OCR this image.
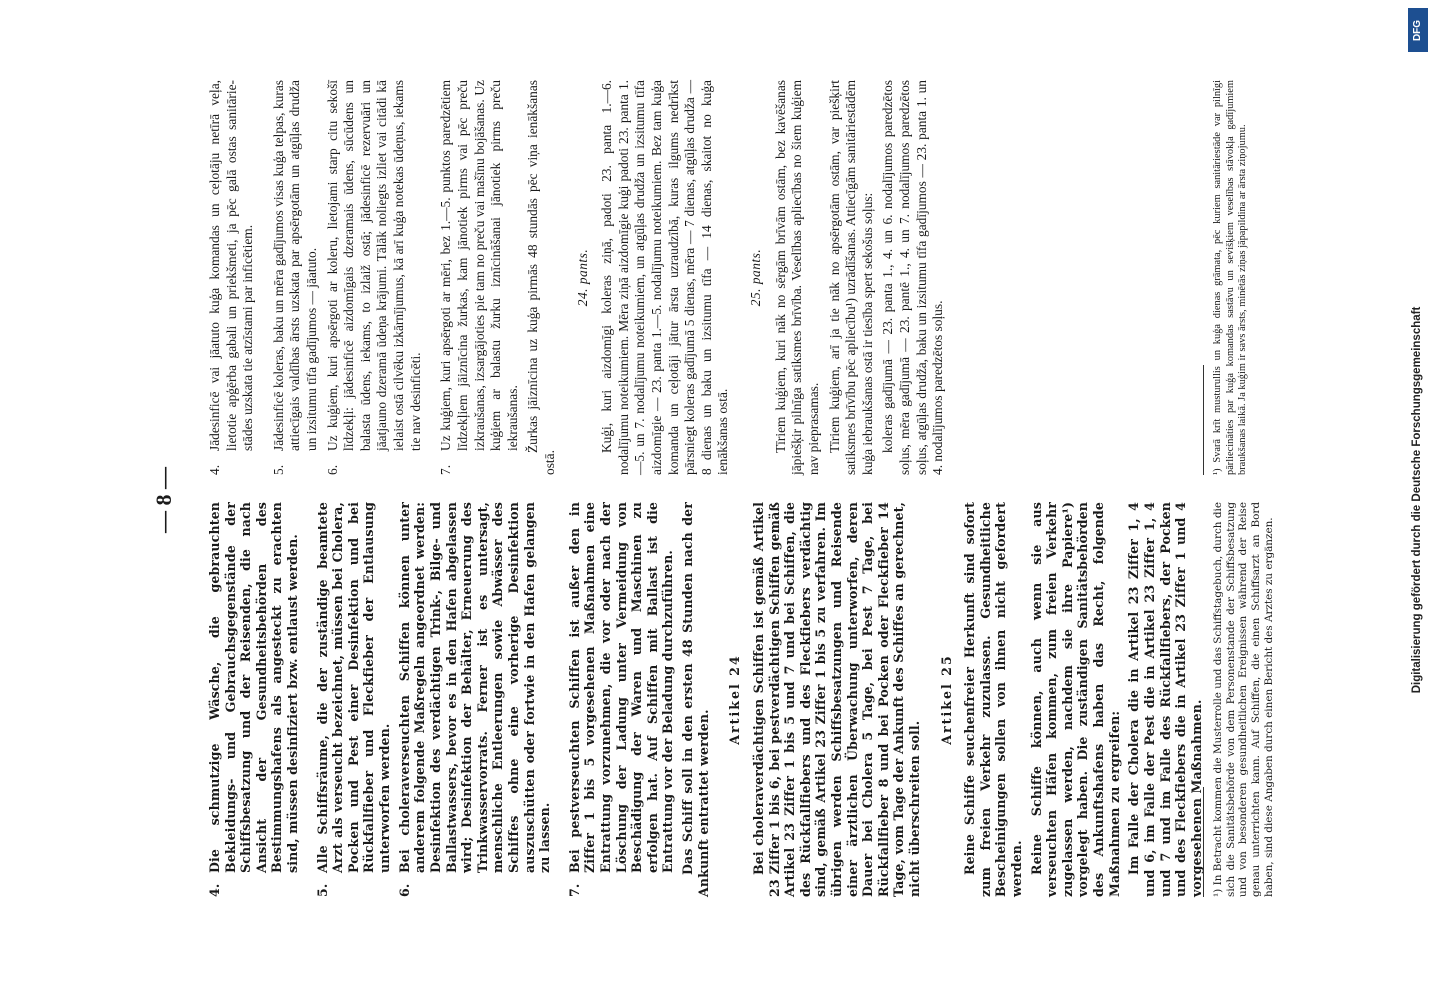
— 8 —
4.
Die schmutzige Wäsche, die gebrauchten Bekleidungs- und Gebrauchsgegenstände der Schiffsbesatzung und der Reisenden, die nach Ansicht der Gesundheitsbehörden des Bestimmungshafens als angesteckt zu erachten sind, müssen desinfiziert bzw. entlaust werden.
5.
Alle Schiffsräume, die der zuständige beamtete Arzt als verseucht bezeichnet, müssen bei Cholera, Pocken und Pest einer Desinfektion und bei Rückfallfieber und Fleckfieber der Entlausung unterworfen werden.
6.
Bei choleraverseuchten Schiffen können unter anderem folgende Maßregeln angeordnet werden: Desinfektion des verdächtigen Trink-, Bilge- und Ballastwassers, bevor es in den Hafen abgelassen wird; Desinfektion der Behälter, Erneuerung des Trinkwasservorrats. Ferner ist es untersagt, menschliche Entleerungen sowie Abwässer des Schiffes ohne eine vorherige Desinfektion auszuschütten oder fortwie in den Hafen gelangen zu lassen.
7.
Bei pestverseuchten Schiffen ist außer den in Ziffer 1 bis 5 vorgesehenen Maßnahmen eine Entrattung vorzunehmen, die vor oder nach der Löschung der Ladung unter Vermeidung von Beschädigung der Waren und Maschinen zu erfolgen hat. Auf Schiffen mit Ballast ist die Entrattung vor der Beladung durchzuführen. Das Schiff soll in den ersten 48 Stunden nach der Ankunft entrattet werden.

Artikel 24 Bei choleraverdächtigen Schiffen ist gemäß Artikel 23 Ziffer 1 bis 6, bei pestverdächtigen Schiffen gemäß Artikel 23 Ziffer 1 bis 5 und 7 und bei Schiffen, die des Rückfallfiebers und des Fleckfiebers verdächtig sind, gemäß Artikel 23 Ziffer 1 bis 5 zu verfahren. Im übrigen werden Schiffsbesatzungen und Reisende einer ärztlichen Überwachung unterworfen, deren Dauer bei Cholera 5 Tage, bei Pest 7 Tage, bei Rückfallfieber 8 und bei Pocken oder Fleckfieber 14 Tage, vom Tage der Ankunft des Schiffes an gerechnet, nicht überschreiten soll.

Artikel 25 Reine Schiffe seuchenfreier Herkunft sind sofort zum freien Verkehr zuzulassen. Gesundheitliche Bescheinigungen sollen von ihnen nicht gefordert werden. Reine Schiffe können, auch wenn sie aus verseuchten Häfen kommen, zum freien Verkehr zugelassen werden, nachdem sie ihre Papiere¹) vorgelegt haben. Die zuständigen Sanitätsbehörden des Ankunftshafens haben das Recht, folgende Maßnahmen zu ergreifen: Im Falle der Cholera die in Artikel 23 Ziffer 1, 4 und 6, im Falle der Pest die in Artikel 23 Ziffer 1, 4 und 7 und im Falle des Rückfallfiebers, der Pocken und des Fleckfiebers die in Artikel 23 Ziffer 1 und 4 vorgesehenen Maßnahmen.

4.
Jādesinficē vai jāatuto kuģa komandas un ceļotāju netīrā veļa, lietotie apģērba gabali un priekšmeti, ja pēc galā ostas sanitārie-stādes uzskata tie atzīstami par inficētiem.
5.
Jādesinficē koleras, baku un mēra gadījumos visas kuģa telpas, kuras attiecīgais valdības ārsts uzskata par apsērgotām un atgūļas drudža un izsitumu tīfa gadījumos — jāatuto.
6.
Uz kuģiem, kuri apsērgoti ar koleru, lietojami starp citu sekošī līdzekļi: jādesinficē aizdomīgais dzeramais ūdens, sūcūdens un balasta ūdens, iekams, to izlaiž ostā; jādesinficē rezervuāri un jāatjauno dzeramā ūdeņa krājumi. Tālāk noliegts izliet vai citādi kā ielaist ostā cilvēku izkārnījumus, kā arī kuģa notekas ūdeņus, iekams tie nav desinficēti.
7.
Uz kuģiem, kuri apsērgoti ar mēri, bez 1.—5. punktos paredzētiem līdzekļiem jāiznīcina žurkas, kam jānotiek pirms vai pēc preču izkraušanas, izsargājoties pie tam no preču vai mašīnu bojāšanas. Uz kuģiem ar balastu žurku iznīcināšanai jānotiek pirms preču iekraušanas. Žurkas jāiznīcina uz kuģa pirmās 48 stundās pēc viņa ienākšanas ostā.

24. pants. Kuģi, kuri aizdomīgi koleras ziņā, padoti 23. panta 1.—6. nodalījumu noteikumiem. Mēra ziņā aizdomīgie kuģi padoti 23. panta 1.—5. un 7. nodalījumu noteikumiem, un atgūļas drudža un izsitumu tīfa aizdomīgie — 23. panta 1.—5. nodalījumu noteikumiem. Bez tam kuģa komanda un ceļotāji jātur ārsta uzraudzībā, kuras ilgums nedrīkst pārsniegt koleras gadījumā 5 dienas, mēra — 7 dienas, atgūļas drudža — 8 dienas un baku un izsitumu tīfa — 14 dienas, skaitot no kuģa ienākšanas ostā.

25. pants. Tīriem kuģiem, kuri nāk no sērgām brīvām ostām, bez kavēšanas jāpiešķir pilnīga satiksmes brīvība. Veselības apliecības no šiem kuģiem nav pieprasamas. Tīriem kuģiem, arī ja tie nāk no apsērgotām ostām, var piešķirt satiksmes brīvību pēc apliecību¹) uzrādīšanas. Attiecīgām sanitāriestādēm kuģa iebraukšanas ostā ir tiesība spert sekošus soļus: koleras gadījumā — 23. panta 1., 4. un 6. nodalījumos paredzētos soļus, mēra gadījumā — 23. pantē 1., 4. un 7. nodalījumos paredzētos soļus, atgūļas drudža, baku un izsitumu tīfa gadījumos — 23. panta 1. un 4. nodalījumos paredzētos soļus.

¹) In Betracht kommen die Musterrolle und das Schiffstagebuch, durch die sich die Sanitätsbehörde von dem Personenstande der Schiffsbesatzung und von besonderen gesundheitlichen Ereignissen während der Reise genau unterrichten kann. Auf Schiffen, die einen Schiffsarzt an Bord haben, sind diese Angaben durch einen Bericht des Arztes zu ergänzen.
¹) Svarā krīt musturullis un kuģa dienas grāmata, pēc kuriem sanitāriestāde var pilnīgi pārliecināties par kuģa komandas sastāvu un sevišķiem veselības stāvokļa gadījumiem braukšanas laikā. Ja kuģim ir savs ārsts, minētās ziņas jāpapildina ar ārsta ziņojumu.
DFG
Digitalisierung gefördert durch die Deutsche Forschungsgemeinschaft
